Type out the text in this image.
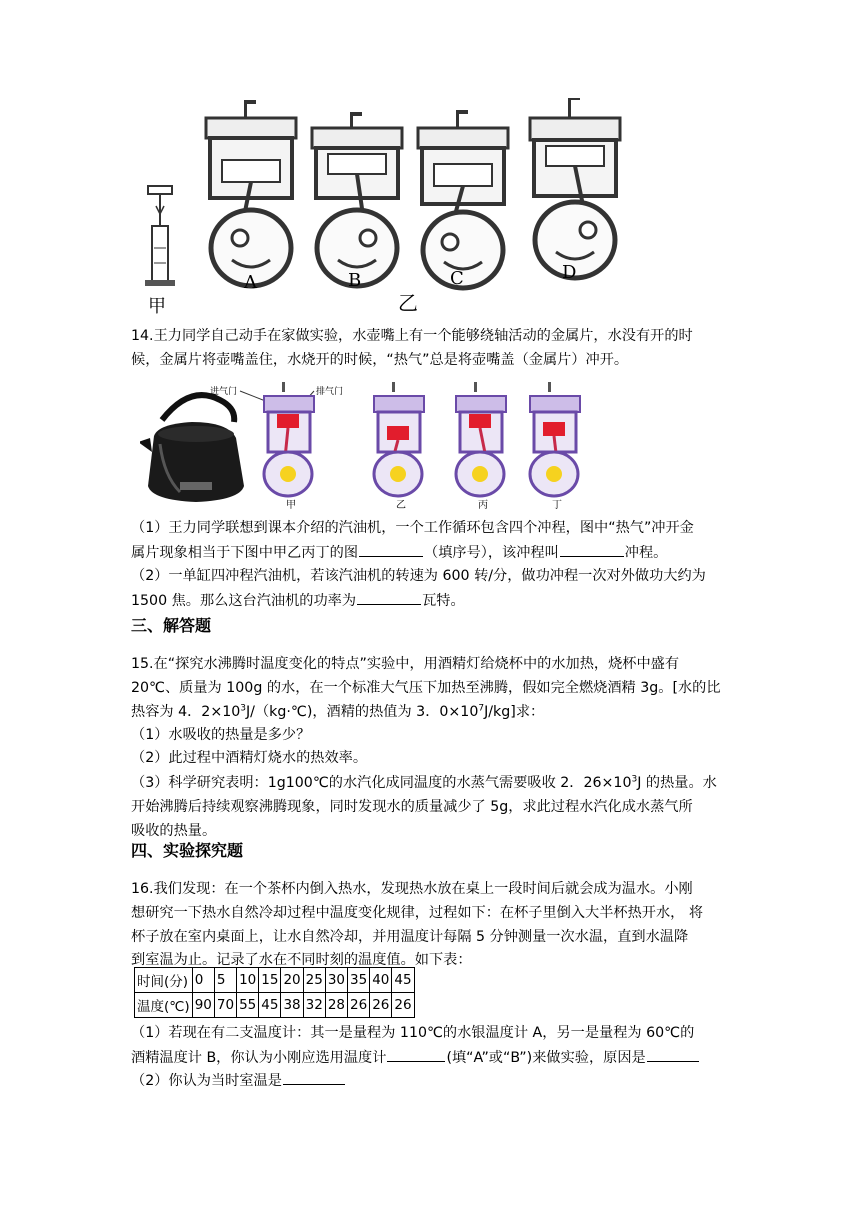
甲
A	B	C	D
乙
14.王力同学自己动手在家做实验，水壶嘴上有一个能够绕轴活动的金属片，水没有开的时
候，金属片将壶嘴盖住，水烧开的时候，“热气”总是将壶嘴盖（金属片）冲开。
进气门	排气门
甲	乙	丙	丁
（1）王力同学联想到课本介绍的汽油机，一个工作循环包含四个冲程，图中“热气”冲开金
属片现象相当于下图中甲乙丙丁的图	（填序号），该冲程叫	冲程。
（2）一单缸四冲程汽油机，若该汽油机的转速为 600 转/分，做功冲程一次对外做功大约为
1500 焦。那么这台汽油机的功率为	瓦特。
三、解答题
15.在“探究水沸腾时温度变化的特点”实验中，用酒精灯给烧杯中的水加热，烧杯中盛有
20℃、质量为 100g 的水，在一个标准大气压下加热至沸腾，假如完全燃烧酒精 3g。[水的比
热容为 4．$2\times 10^3J/(kg\cdot℃)$，酒精的热值为 3．$0\times 10^7J/kg$]求：
（1）水吸收的热量是多少？
（2）此过程中酒精灯烧水的热效率。
（3）科学研究表明：1g100℃的水汽化成同温度的水蒸气需要吸收 2．$26\times 10^3J$ 的热量。水
开始沸腾后持续观察沸腾现象，同时发现水的质量减少了 5g，求此过程水汽化成水蒸气所
吸收的热量。
四、实验探究题
16.我们发现：在一个茶杯内倒入热水，发现热水放在桌上一段时间后就会成为温水。小刚
想研究一下热水自然冷却过程中温度变化规律，过程如下：在杯子里倒入大半杯热开水， 将
杯子放在室内桌面上，让水自然冷却，并用温度计每隔 5 分钟测量一次水温，直到水温降
到室温为止。记录了水在不同时刻的温度值。如下表：
时间(分)	0	5	10	15	20	25	30	35	40	45
温度(℃)	90	70	55	45	38	32	28	26	26	26
（1）若现在有二支温度计：其一是量程为 110℃的水银温度计 A，另一是量程为 60℃的
酒精温度计 B，你认为小刚应选用温度计	(填“A”或“B”)来做实验，原因是
（2）你认为当时室温是
